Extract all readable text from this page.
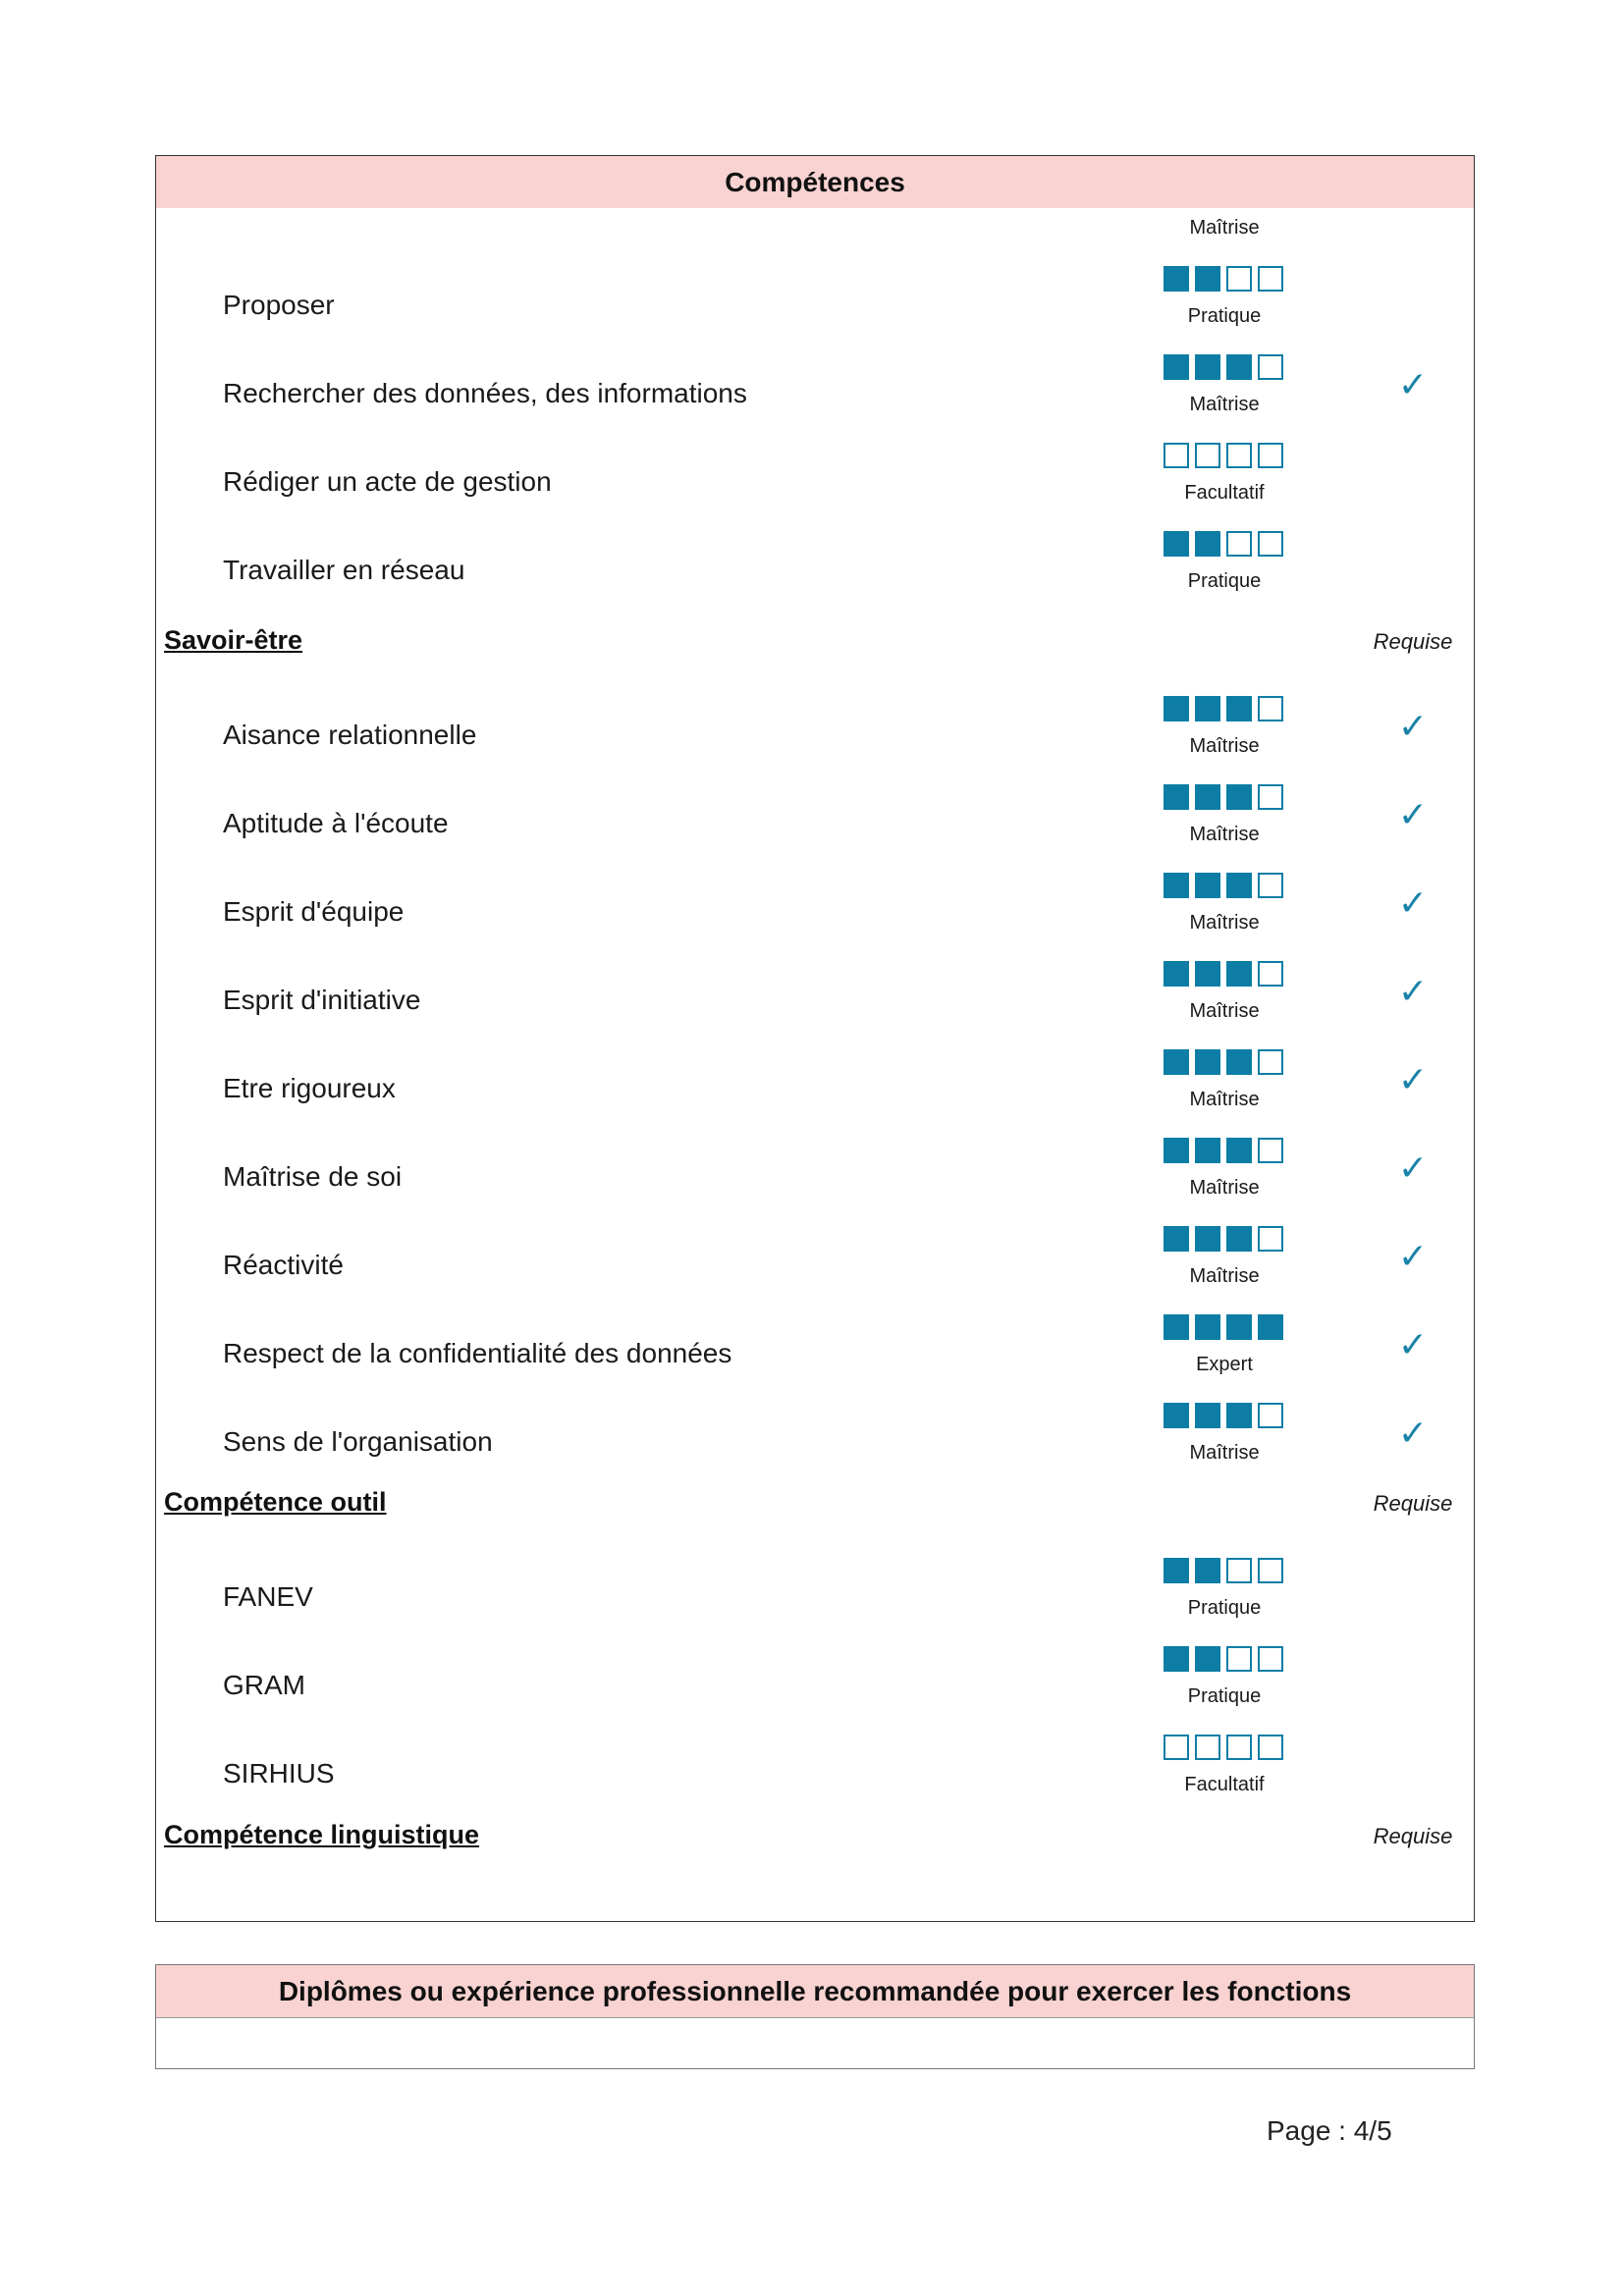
Compétences
Maîtrise
Proposer	Pratique
Rechercher des données, des informations	Maîtrise	✓
Rédiger un acte de gestion	Facultatif
Travailler en réseau	Pratique
Savoir-être	Requise
Aisance relationnelle	Maîtrise	✓
Aptitude à l'écoute	Maîtrise	✓
Esprit d'équipe	Maîtrise	✓
Esprit d'initiative	Maîtrise	✓
Etre rigoureux	Maîtrise	✓
Maîtrise de soi	Maîtrise	✓
Réactivité	Maîtrise	✓
Respect de la confidentialité des données	Expert	✓
Sens de l'organisation	Maîtrise	✓
Compétence outil	Requise
FANEV	Pratique
GRAM	Pratique
SIRHIUS	Facultatif
Compétence linguistique	Requise
Diplômes ou expérience professionnelle recommandée pour exercer les fonctions
Page : 4/5
